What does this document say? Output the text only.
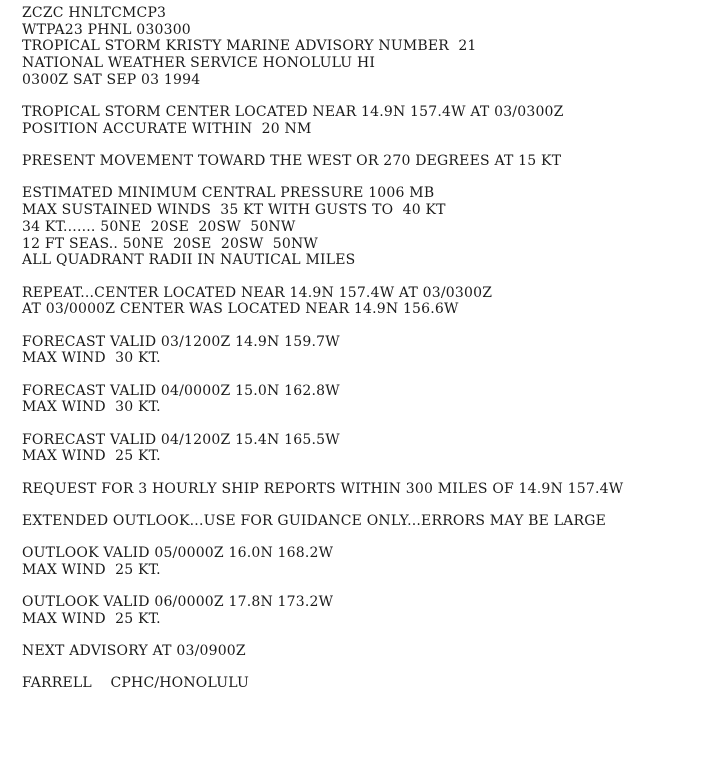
ZCZC HNLTCMCP3
WTPA23 PHNL 030300
TROPICAL STORM KRISTY MARINE ADVISORY NUMBER  21
NATIONAL WEATHER SERVICE HONOLULU HI
0300Z SAT SEP 03 1994
TROPICAL STORM CENTER LOCATED NEAR 14.9N 157.4W AT 03/0300Z
POSITION ACCURATE WITHIN  20 NM
PRESENT MOVEMENT TOWARD THE WEST OR 270 DEGREES AT 15 KT
ESTIMATED MINIMUM CENTRAL PRESSURE 1006 MB
MAX SUSTAINED WINDS  35 KT WITH GUSTS TO  40 KT
34 KT....... 50NE  20SE  20SW  50NW
12 FT SEAS.. 50NE  20SE  20SW  50NW
ALL QUADRANT RADII IN NAUTICAL MILES
REPEAT...CENTER LOCATED NEAR 14.9N 157.4W AT 03/0300Z
AT 03/0000Z CENTER WAS LOCATED NEAR 14.9N 156.6W
FORECAST VALID 03/1200Z 14.9N 159.7W
MAX WIND  30 KT.
FORECAST VALID 04/0000Z 15.0N 162.8W
MAX WIND  30 KT.
FORECAST VALID 04/1200Z 15.4N 165.5W
MAX WIND  25 KT.
REQUEST FOR 3 HOURLY SHIP REPORTS WITHIN 300 MILES OF 14.9N 157.4W
EXTENDED OUTLOOK...USE FOR GUIDANCE ONLY...ERRORS MAY BE LARGE
OUTLOOK VALID 05/0000Z 16.0N 168.2W
MAX WIND  25 KT.
OUTLOOK VALID 06/0000Z 17.8N 173.2W
MAX WIND  25 KT.
NEXT ADVISORY AT 03/0900Z
FARRELL    CPHC/HONOLULU
